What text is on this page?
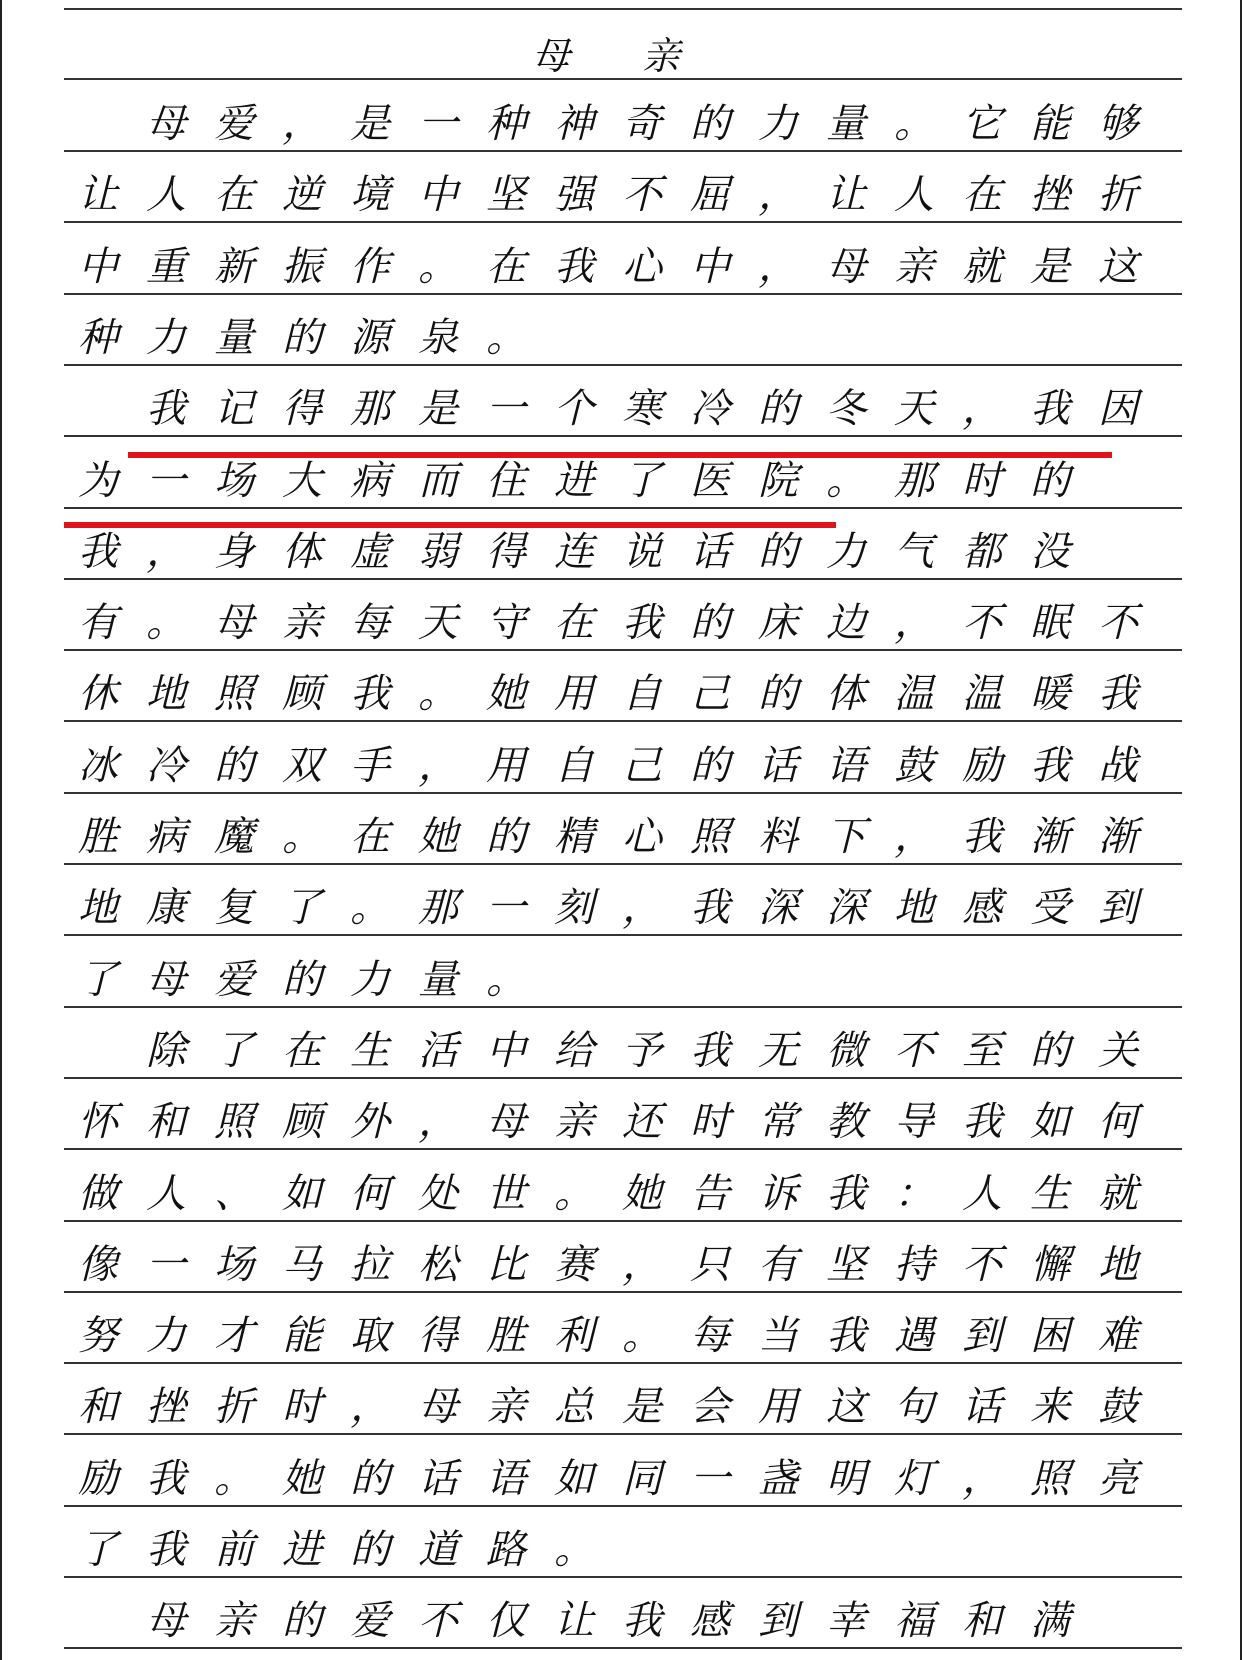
母 亲
母 爱 ， 是 一 种 神 奇 的 力 量 。 它 能 够
让 人 在 逆 境 中 坚 强 不 屈 ， 让 人 在 挫 折
中 重 新 振 作 。 在 我 心 中 ， 母 亲 就 是 这
种 力 量 的 源 泉 。
我 记 得 那 是 一 个 寒 冷 的 冬 天 ， 我 因
为 一 场 大 病 而 住 进 了 医 院 。 那 时 的
我 ， 身 体 虚 弱 得 连 说 话 的 力 气 都 没
有 。 母 亲 每 天 守 在 我 的 床 边 ， 不 眠 不
休 地 照 顾 我 。 她 用 自 己 的 体 温 温 暖 我
冰 冷 的 双 手 ， 用 自 己 的 话 语 鼓 励 我 战
胜 病 魔 。 在 她 的 精 心 照 料 下 ， 我 渐 渐
地 康 复 了 。 那 一 刻 ， 我 深 深 地 感 受 到
了 母 爱 的 力 量 。
除 了 在 生 活 中 给 予 我 无 微 不 至 的 关
怀 和 照 顾 外 ， 母 亲 还 时 常 教 导 我 如 何
做 人 、 如 何 处 世 。 她 告 诉 我 ： 人 生 就
像 一 场 马 拉 松 比 赛 ， 只 有 坚 持 不 懈 地
努 力 才 能 取 得 胜 利 。 每 当 我 遇 到 困 难
和 挫 折 时 ， 母 亲 总 是 会 用 这 句 话 来 鼓
励 我 。 她 的 话 语 如 同 一 盏 明 灯 ， 照 亮
了 我 前 进 的 道 路 。
母 亲 的 爱 不 仅 让 我 感 到 幸 福 和 满
